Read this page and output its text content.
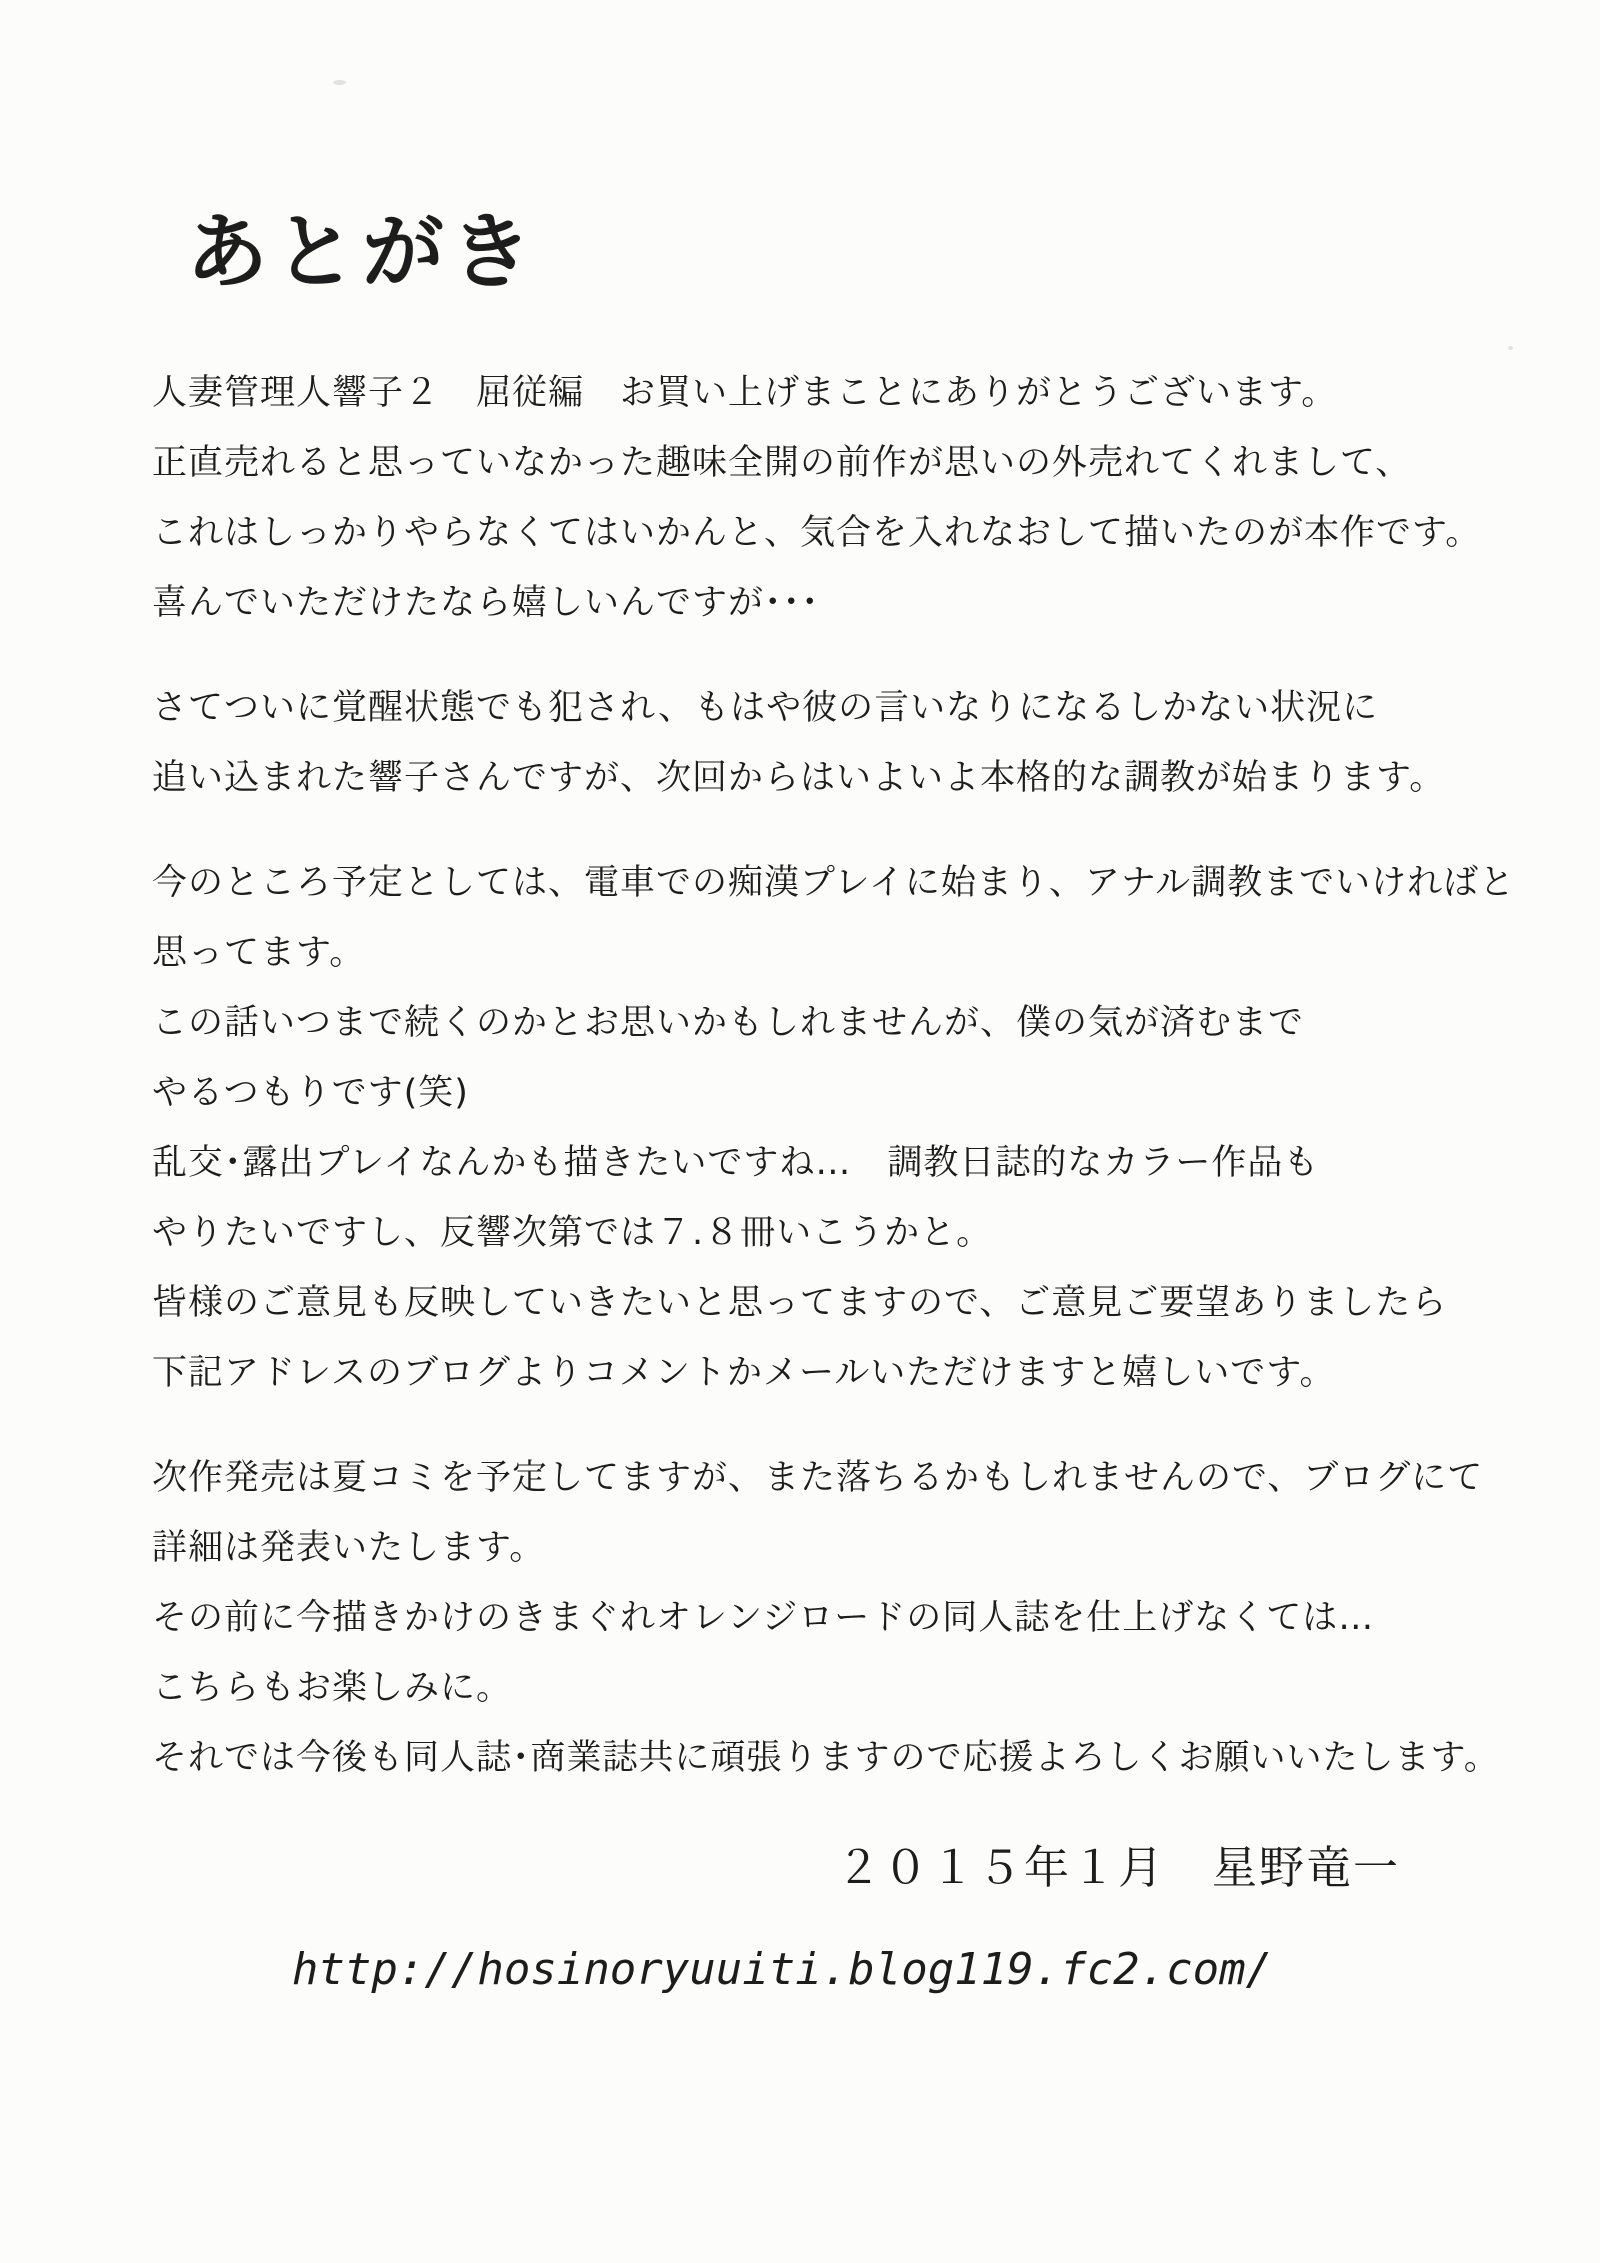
あとがき
人妻管理人響子２　屈従編　お買い上げまことにありがとうございます。
正直売れると思っていなかった趣味全開の前作が思いの外売れてくれまして、
これはしっかりやらなくてはいかんと、気合を入れなおして描いたのが本作です。
喜んでいただけたなら嬉しいんですが･･･
さてついに覚醒状態でも犯され、もはや彼の言いなりになるしかない状況に
追い込まれた響子さんですが、次回からはいよいよ本格的な調教が始まります。
今のところ予定としては、電車での痴漢プレイに始まり、アナル調教までいければと
思ってます。
この話いつまで続くのかとお思いかもしれませんが、僕の気が済むまで
やるつもりです(笑)
乱交･露出プレイなんかも描きたいですね…　調教日誌的なカラー作品も
やりたいですし、反響次第では７.８冊いこうかと。
皆様のご意見も反映していきたいと思ってますので、ご意見ご要望ありましたら
下記アドレスのブログよりコメントかメールいただけますと嬉しいです。
次作発売は夏コミを予定してますが、また落ちるかもしれませんので、ブログにて
詳細は発表いたします。
その前に今描きかけのきまぐれオレンジロードの同人誌を仕上げなくては…
こちらもお楽しみに。
それでは今後も同人誌･商業誌共に頑張りますので応援よろしくお願いいたします。
２０１５年１月　星野竜一
http://hosinoryuuiti.blog119.fc2.com/
